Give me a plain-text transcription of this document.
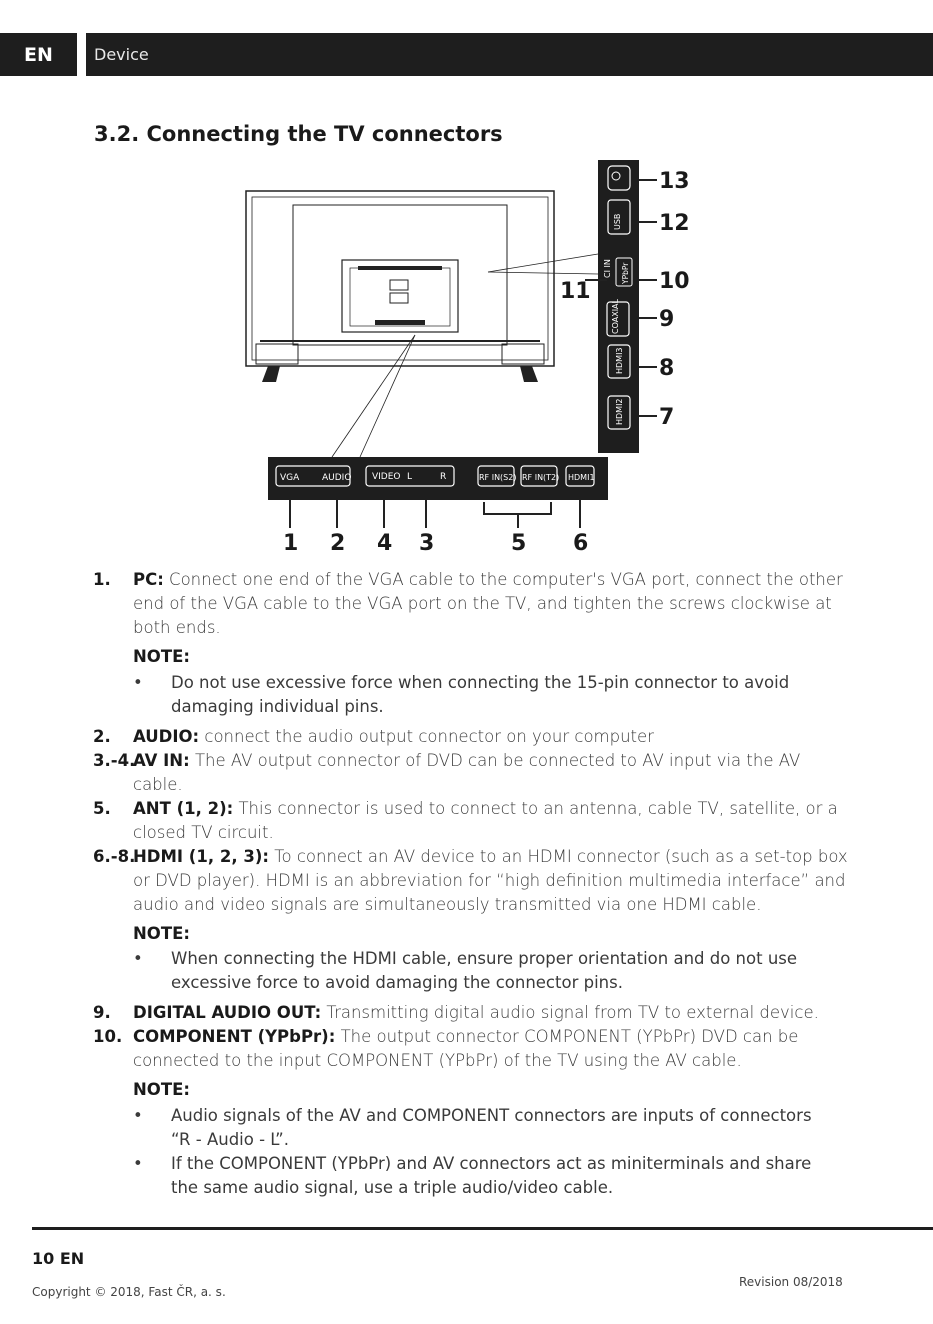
EN	Device
3.2. Connecting the TV connectors
USB
YPbPr
CI IN
COAXIAL
HDMI3
HDMI2
13
12
10
9
8
7
11
VGA	AUDIO VIDEO L	R	RF IN(S2) RF IN(T2) HDMI1
1 2 4 3	5 6
1. PC: Connect one end of the VGA cable to the computer's VGA port, connect the other end of the VGA cable to the VGA port on the TV, and tighten the screws clockwise at both ends.
NOTE:
• Do not use excessive force when connecting the 15-pin connector to avoid damaging individual pins.
2. AUDIO: connect the audio output connector on your computer
3.-4.
AV IN: The AV output connector of DVD can be connected to AV input via the AV cable.
5. ANT (1, 2): This connector is used to connect to an antenna, cable TV, satellite, or a closed TV circuit.
6.-8.
HDMI (1, 2, 3): To connect an AV device to an HDMI connector (such as a set-top box or DVD player). HDMI is an abbreviation for “high definition multimedia interface” and audio and video signals are simultaneously transmitted via one HDMI cable.
NOTE:
• When connecting the HDMI cable, ensure proper orientation and do not use excessive force to avoid damaging the connector pins.
9. DIGITAL AUDIO OUT: Transmitting digital audio signal from TV to external device.
10. COMPONENT (YPbPr): The output connector COMPONENT (YPbPr) DVD can be connected to the input COMPONENT (YPbPr) of the TV using the AV cable.
NOTE:
• Audio signals of the AV and COMPONENT connectors are inputs of connectors “R - Audio - L”.
• If the COMPONENT (YPbPr) and AV connectors act as miniterminals and share the same audio signal, use a triple audio/video cable.
10 EN
Copyright © 2018, Fast ČR, a. s.
Revision 08/2018
